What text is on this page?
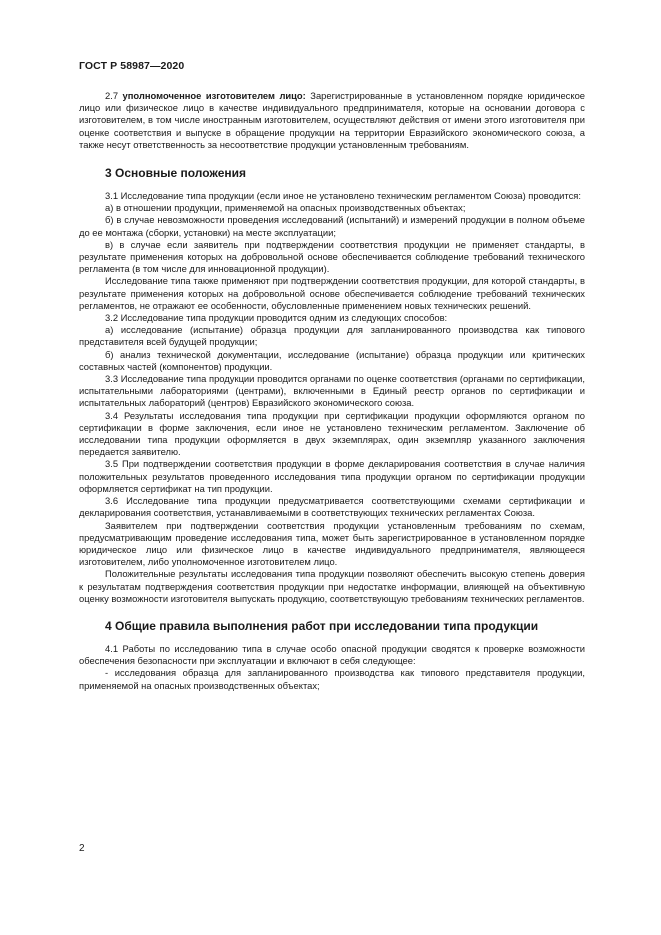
ГОСТ Р 58987—2020

2.7 уполномоченное изготовителем лицо: Зарегистрированные в установленном порядке юридическое лицо или физическое лицо в качестве индивидуального предпринимателя, которые на основании договора с изготовителем, в том числе иностранным изготовителем, осуществляют действия от имени этого изготовителя при оценке соответствия и выпуске в обращение продукции на территории Евразийского экономического союза, а также несут ответственность за несоответствие продукции установленным требованиям.

3 Основные положения

3.1 Исследование типа продукции (если иное не установлено техническим регламентом Союза) проводится:

а) в отношении продукции, применяемой на опасных производственных объектах;

б) в случае невозможности проведения исследований (испытаний) и измерений продукции в полном объеме до ее монтажа (сборки, установки) на месте эксплуатации;

в) в случае если заявитель при подтверждении соответствия продукции не применяет стандарты, в результате применения которых на добровольной основе обеспечивается соблюдение требований технического регламента (в том числе для инновационной продукции).

Исследование типа также применяют при подтверждении соответствия продукции, для которой стандарты, в результате применения которых на добровольной основе обеспечивается соблюдение требований технических регламентов, не отражают ее особенности, обусловленные применением новых технических решений.

3.2 Исследование типа продукции проводится одним из следующих способов:

а) исследование (испытание) образца продукции для запланированного производства как типового представителя всей будущей продукции;

б) анализ технической документации, исследование (испытание) образца продукции или критических составных частей (компонентов) продукции.

3.3 Исследование типа продукции проводится органами по оценке соответствия (органами по сертификации, испытательными лабораториями (центрами), включенными в Единый реестр органов по сертификации и испытательных лабораторий (центров) Евразийского экономического союза.

3.4 Результаты исследования типа продукции при сертификации продукции оформляются органом по сертификации в форме заключения, если иное не установлено техническим регламентом. Заключение об исследовании типа продукции оформляется в двух экземплярах, один экземпляр указанного заключения передается заявителю.

3.5 При подтверждении соответствия продукции в форме декларирования соответствия в случае наличия положительных результатов проведенного исследования типа продукции органом по сертификации продукции оформляется сертификат на тип продукции.

3.6 Исследование типа продукции предусматривается соответствующими схемами сертификации и декларирования соответствия, устанавливаемыми в соответствующих технических регламентах Союза.

Заявителем при подтверждении соответствия продукции установленным требованиям по схемам, предусматривающим проведение исследования типа, может быть зарегистрированное в установленном порядке юридическое лицо или физическое лицо в качестве индивидуального предпринимателя, являющееся изготовителем, либо уполномоченное изготовителем лицо.

Положительные результаты исследования типа продукции позволяют обеспечить высокую степень доверия к результатам подтверждения соответствия продукции при недостатке информации, влияющей на объективную оценку возможности изготовителя выпускать продукцию, соответствующую требованиям технических регламентов.

4 Общие правила выполнения работ при исследовании типа продукции

4.1 Работы по исследованию типа в случае особо опасной продукции сводятся к проверке возможности обеспечения безопасности при эксплуатации и включают в себя следующее:

- исследования образца для запланированного производства как типового представителя продукции, применяемой на опасных производственных объектах;

2
